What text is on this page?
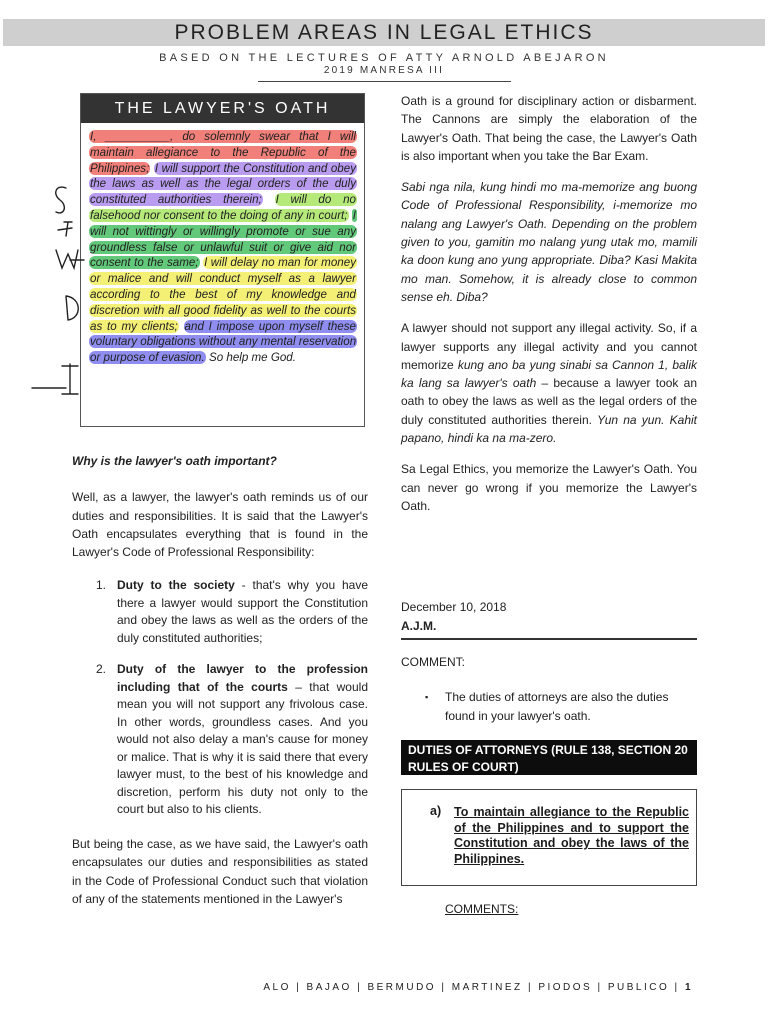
PROBLEM AREAS IN LEGAL ETHICS
BASED ON THE LECTURES OF ATTY ARNOLD ABEJARON
2019 MANRESA III
THE LAWYER'S OATH
I, __________, do solemnly swear that I will maintain allegiance to the Republic of the Philippines; I will support the Constitution and obey the laws as well as the legal orders of the duly constituted authorities therein; I will do no falsehood nor consent to the doing of any in court; I will not wittingly or willingly promote or sue any groundless false or unlawful suit or give aid nor consent to the same; I will delay no man for money or malice and will conduct myself as a lawyer according to the best of my knowledge and discretion with all good fidelity as well to the courts as to my clients; and I impose upon myself these voluntary obligations without any mental reservation or purpose of evasion. So help me God.

Why is the lawyer's oath important?

Well, as a lawyer, the lawyer's oath reminds us of our duties and responsibilities. It is said that the Lawyer's Oath encapsulates everything that is found in the Lawyer's Code of Professional Responsibility:

1. Duty to the society - that's why you have there a lawyer would support the Constitution and obey the laws as well as the orders of the duly constituted authorities;
2. Duty of the lawyer to the profession including that of the courts – that would mean you will not support any frivolous case. In other words, groundless cases. And you would not also delay a man's cause for money or malice. That is why it is said there that every lawyer must, to the best of his knowledge and discretion, perform his duty not only to the court but also to his clients.

But being the case, as we have said, the Lawyer's oath encapsulates our duties and responsibilities as stated in the Code of Professional Conduct such that violation of any of the statements mentioned in the Lawyer's

Oath is a ground for disciplinary action or disbarment. The Cannons are simply the elaboration of the Lawyer's Oath. That being the case, the Lawyer's Oath is also important when you take the Bar Exam.

Sabi nga nila, kung hindi mo ma-memorize ang buong Code of Professional Responsibility, i-memorize mo nalang ang Lawyer's Oath. Depending on the problem given to you, gamitin mo nalang yung utak mo, mamili ka doon kung ano yung appropriate. Diba? Kasi Makita mo man. Somehow, it is already close to common sense eh. Diba?

A lawyer should not support any illegal activity. So, if a lawyer supports any illegal activity and you cannot memorize kung ano ba yung sinabi sa Cannon 1, balik ka lang sa lawyer's oath – because a lawyer took an oath to obey the laws as well as the legal orders of the duly constituted authorities therein. Yun na yun. Kahit papano, hindi ka na ma-zero.

Sa Legal Ethics, you memorize the Lawyer's Oath. You can never go wrong if you memorize the Lawyer's Oath.

December 10, 2018
A.J.M.
COMMENT:
▪	The duties of attorneys are also the duties found in your lawyer's oath.
DUTIES OF ATTORNEYS (RULE 138, SECTION 20 RULES OF COURT)
a) To maintain allegiance to the Republic of the Philippines and to support the Constitution and obey the laws of the Philippines.
COMMENTS:
ALO | BAJAO | BERMUDO | MARTINEZ | PIODOS | PUBLICO | 1
